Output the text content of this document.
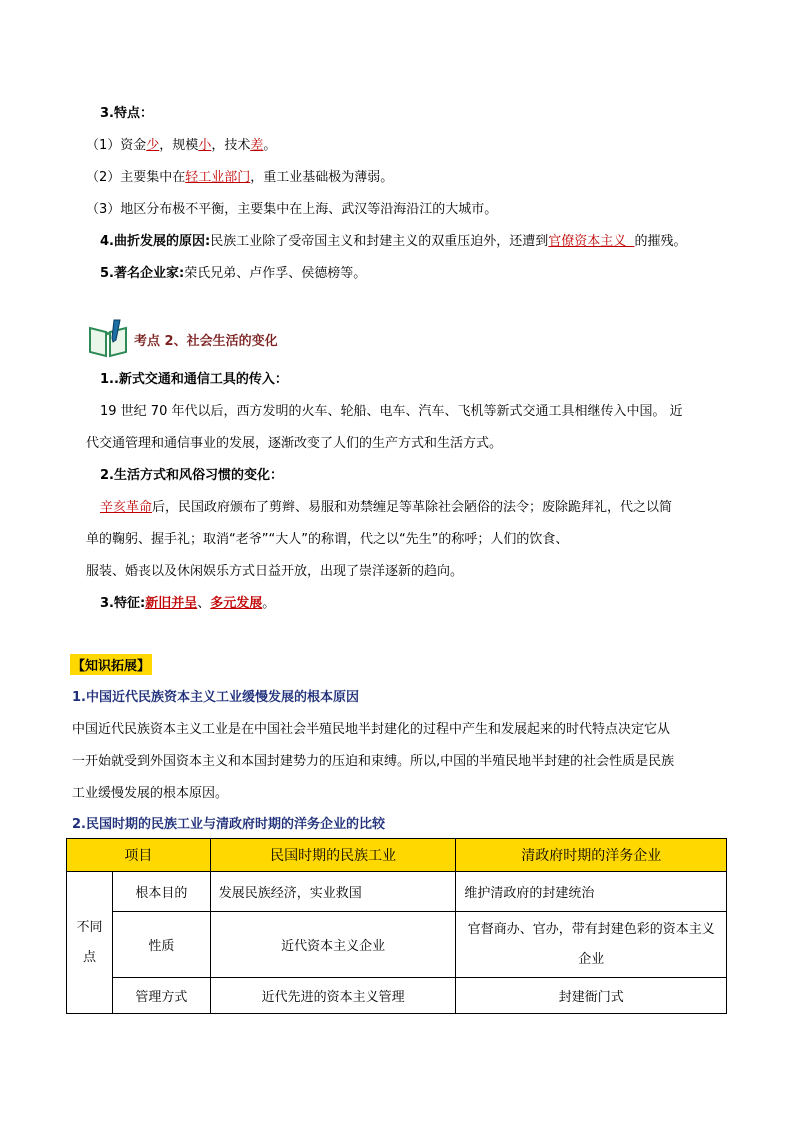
3.特点：
（1）资金少，规模小，技术差。
（2）主要集中在轻工业部门，重工业基础极为薄弱。
（3）地区分布极不平衡，主要集中在上海、武汉等沿海沿江的大城市。
4.曲折发展的原因:民族工业除了受帝国主义和封建主义的双重压迫外，还遭到官僚资本主义  的摧残。
5.著名企业家:荣氏兄弟、卢作孚、侯德榜等。
考点 2、社会生活的变化
1..新式交通和通信工具的传入：
19 世纪 70 年代以后，西方发明的火车、轮船、电车、汽车、飞机等新式交通工具相继传入中国。 近
代交通管理和通信事业的发展，逐渐改变了人们的生产方式和生活方式。
2.生活方式和风俗习惯的变化：
辛亥革命后，民国政府颁布了剪辫、易服和劝禁缠足等革除社会陋俗的法令；废除跪拜礼，代之以简
单的鞠躬、握手礼；取消“老爷”“大人”的称谓，代之以“先生”的称呼；人们的饮食、
服装、婚丧以及休闲娱乐方式日益开放，出现了崇洋逐新的趋向。
3.特征:新旧并呈、多元发展。
【知识拓展】
1.中国近代民族资本主义工业缓慢发展的根本原因
中国近代民族资本主义工业是在中国社会半殖民地半封建化的过程中产生和发展起来的时代特点决定它从
一开始就受到外国资本主义和本国封建势力的压迫和束缚。所以,中国的半殖民地半封建的社会性质是民族
工业缓慢发展的根本原因。
2.民国时期的民族工业与清政府时期的洋务企业的比较
项目		民国时期的民族工业	清政府时期的洋务企业
不同点	根本目的	发展民族经济，实业救国	维护清政府的封建统治
	性质	近代资本主义企业	官督商办、官办，带有封建色彩的资本主义企业
	管理方式	近代先进的资本主义管理	封建衙门式
